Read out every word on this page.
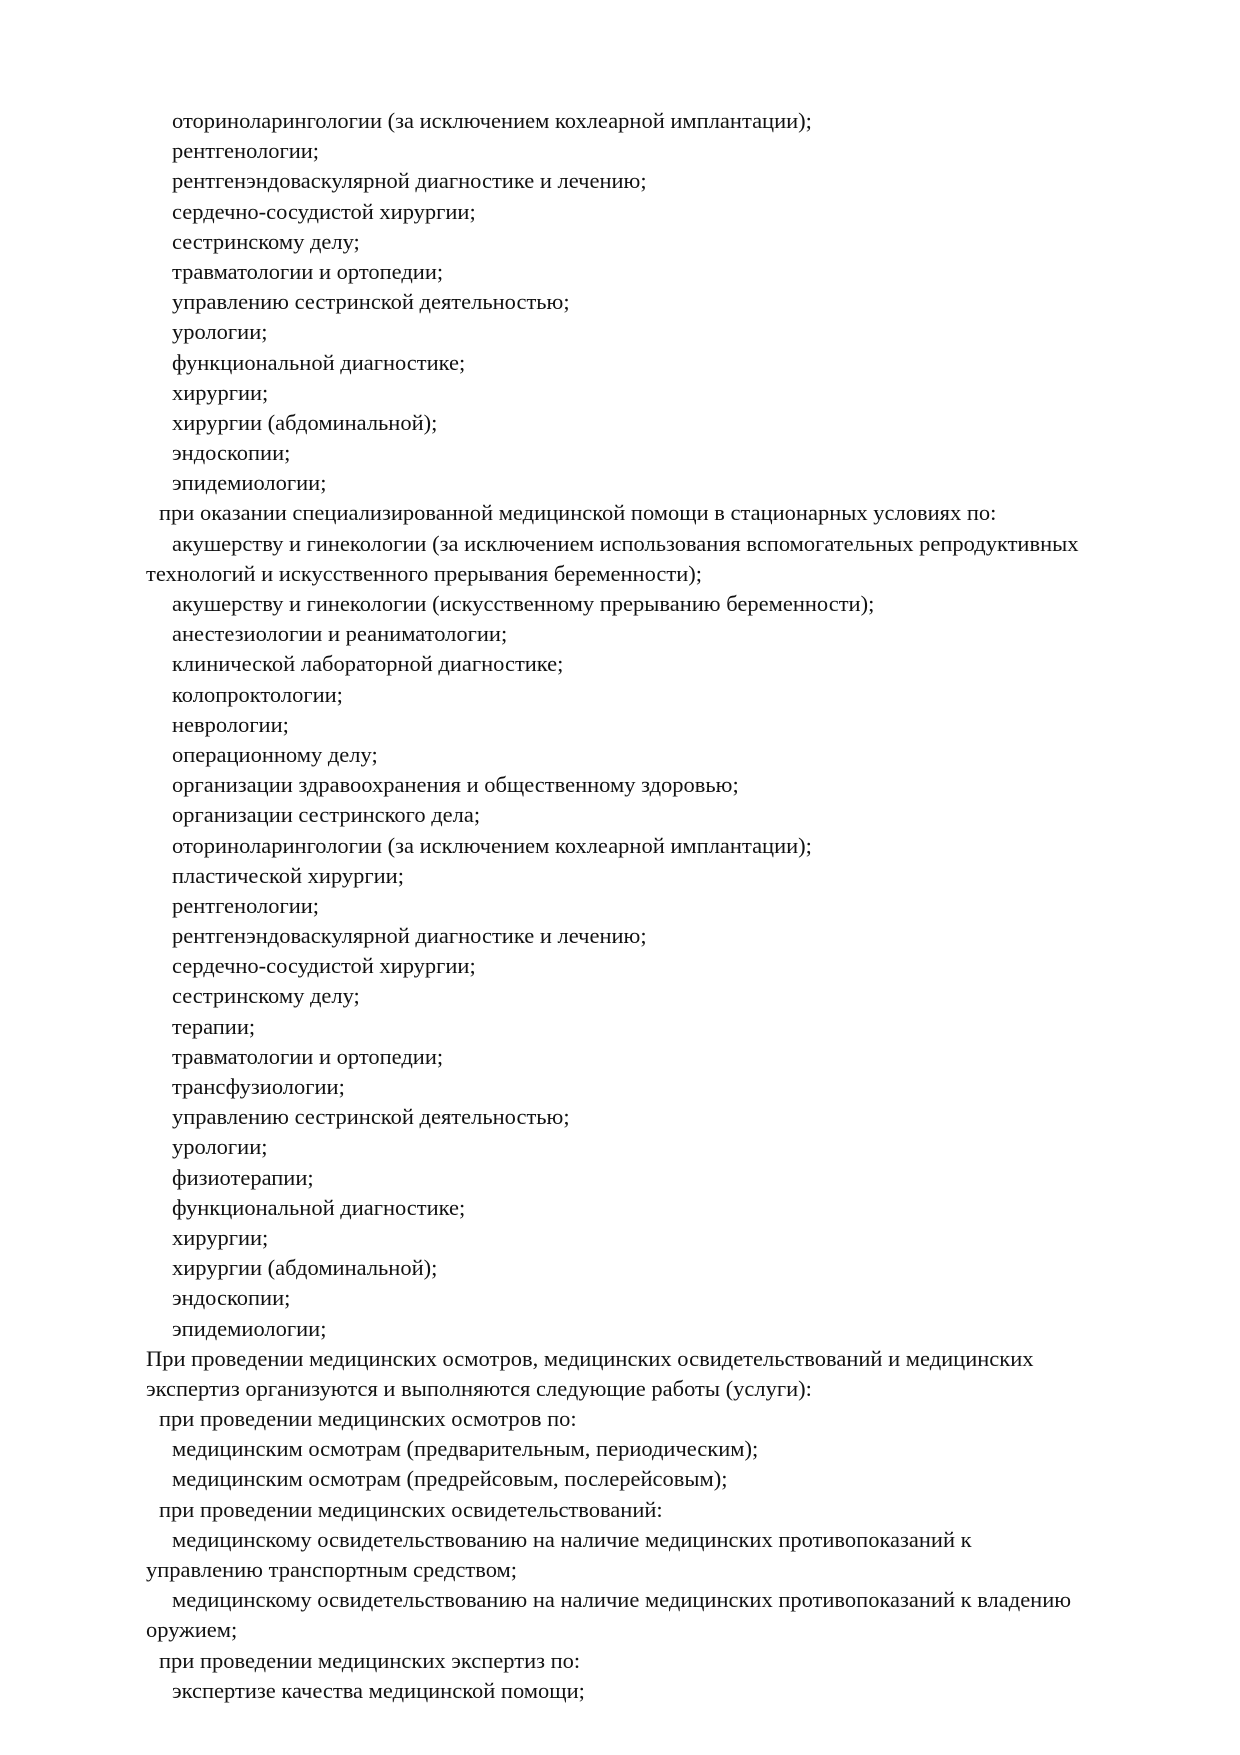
оториноларингологии (за исключением кохлеарной имплантации);
рентгенологии;
рентгенэндоваскулярной диагностике и лечению;
сердечно-сосудистой хирургии;
сестринскому делу;
травматологии и ортопедии;
управлению сестринской деятельностью;
урологии;
функциональной диагностике;
хирургии;
хирургии (абдоминальной);
эндоскопии;
эпидемиологии;
при оказании специализированной медицинской помощи в стационарных условиях по:
акушерству и гинекологии (за исключением использования вспомогательных репродуктивных
технологий и искусственного прерывания беременности);
акушерству и гинекологии (искусственному прерыванию беременности);
анестезиологии и реаниматологии;
клинической лабораторной диагностике;
колопроктологии;
неврологии;
операционному делу;
организации здравоохранения и общественному здоровью;
организации сестринского дела;
оториноларингологии (за исключением кохлеарной имплантации);
пластической хирургии;
рентгенологии;
рентгенэндоваскулярной диагностике и лечению;
сердечно-сосудистой хирургии;
сестринскому делу;
терапии;
травматологии и ортопедии;
трансфузиологии;
управлению сестринской деятельностью;
урологии;
физиотерапии;
функциональной диагностике;
хирургии;
хирургии (абдоминальной);
эндоскопии;
эпидемиологии;
При проведении медицинских осмотров, медицинских освидетельствований и медицинских
экспертиз организуются и выполняются следующие работы (услуги):
при проведении медицинских осмотров по:
медицинским осмотрам (предварительным, периодическим);
медицинским осмотрам (предрейсовым, послерейсовым);
при проведении медицинских освидетельствований:
медицинскому освидетельствованию на наличие медицинских противопоказаний к
управлению транспортным средством;
медицинскому освидетельствованию на наличие медицинских противопоказаний к владению
оружием;
при проведении медицинских экспертиз по:
экспертизе качества медицинской помощи;
